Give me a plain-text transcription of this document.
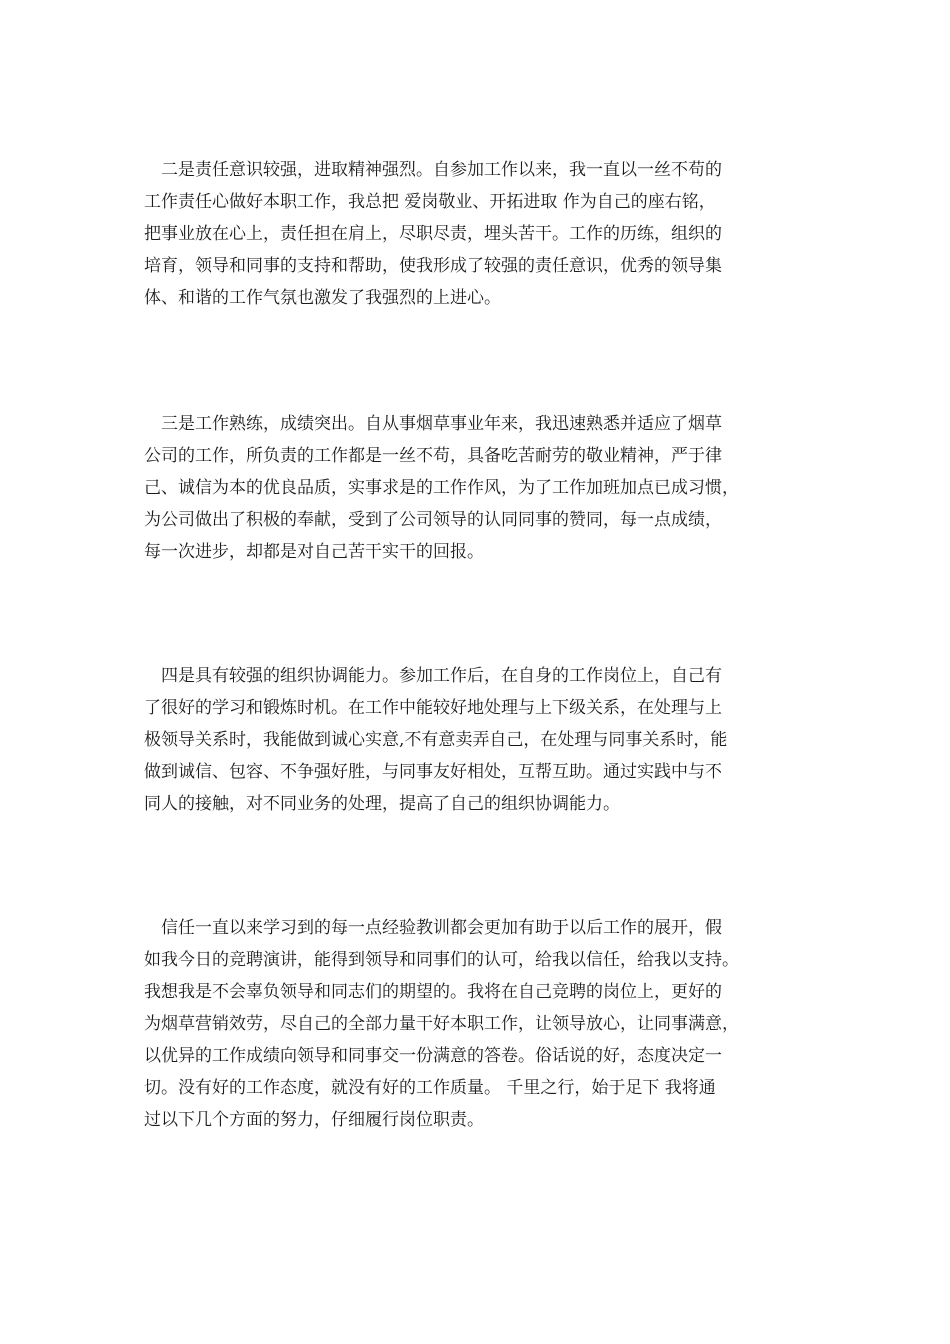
　二是责任意识较强，进取精神强烈。自参加工作以来，我一直以一丝不苟的
工作责任心做好本职工作，我总把 爱岗敬业、开拓进取 作为自己的座右铭，
把事业放在心上，责任担在肩上，尽职尽责，埋头苦干。工作的历练，组织的
培育，领导和同事的支持和帮助，使我形成了较强的责任意识，优秀的领导集
体、和谐的工作气氛也激发了我强烈的上进心。
　三是工作熟练，成绩突出。自从事烟草事业年来，我迅速熟悉并适应了烟草
公司的工作，所负责的工作都是一丝不苟，具备吃苦耐劳的敬业精神，严于律
己、诚信为本的优良品质，实事求是的工作作风，为了工作加班加点已成习惯，
为公司做出了积极的奉献，受到了公司领导的认同同事的赞同，每一点成绩，
每一次进步，却都是对自己苦干实干的回报。
　四是具有较强的组织协调能力。参加工作后，在自身的工作岗位上，自己有
了很好的学习和锻炼时机。在工作中能较好地处理与上下级关系，在处理与上
极领导关系时，我能做到诚心实意,不有意卖弄自己，在处理与同事关系时，能
做到诚信、包容、不争强好胜，与同事友好相处，互帮互助。通过实践中与不
同人的接触，对不同业务的处理，提高了自己的组织协调能力。
　信任一直以来学习到的每一点经验教训都会更加有助于以后工作的展开，假
如我今日的竞聘演讲，能得到领导和同事们的认可，给我以信任，给我以支持。
我想我是不会辜负领导和同志们的期望的。我将在自己竞聘的岗位上，更好的
为烟草营销效劳，尽自己的全部力量干好本职工作，让领导放心，让同事满意，
以优异的工作成绩向领导和同事交一份满意的答卷。俗话说的好，态度决定一
切。没有好的工作态度，就没有好的工作质量。 千里之行，始于足下 我将通
过以下几个方面的努力，仔细履行岗位职责。
